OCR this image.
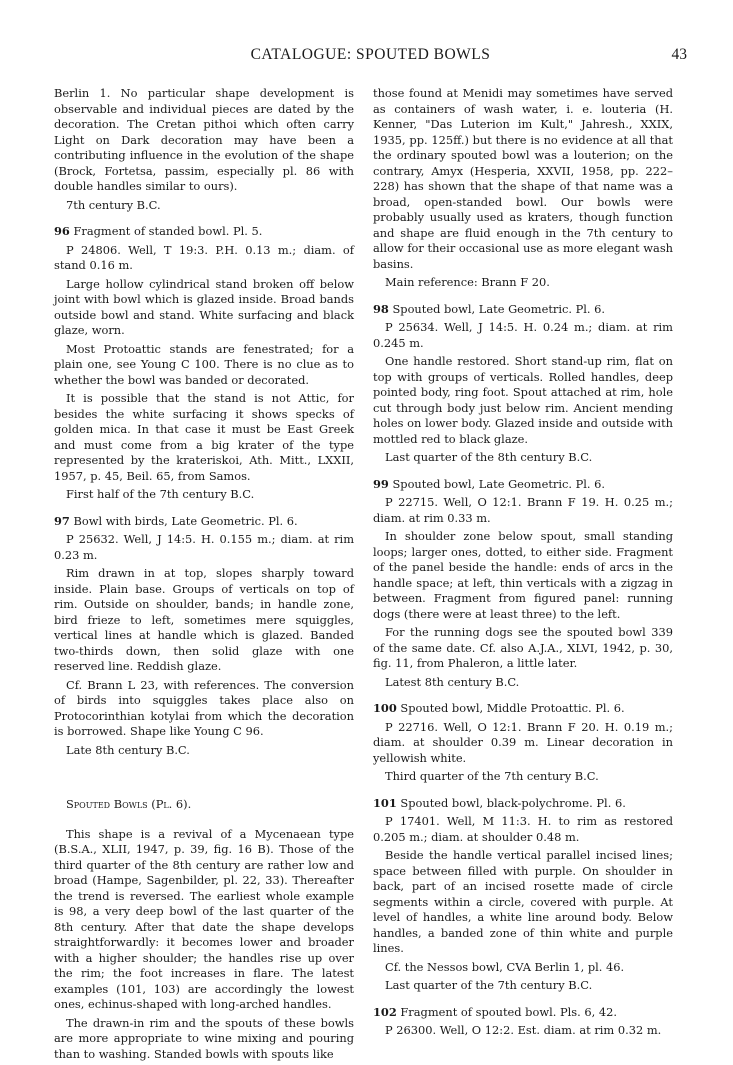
CATALOGUE: SPOUTED BOWLS	43

Berlin 1. No particular shape development is observable and individual pieces are dated by the decoration. The Cretan pithoi which often carry Light on Dark decoration may have been a contributing influence in the evolution of the shape (Brock, Fortetsa, passim, especially pl. 86 with double handles similar to ours).

7th century B.C.

96 Fragment of standed bowl. Pl. 5.

P 24806. Well, T 19:3. P.H. 0.13 m.; diam. of stand 0.16 m.

Large hollow cylindrical stand broken off below joint with bowl which is glazed inside. Broad bands outside bowl and stand. White surfacing and black glaze, worn.

Most Protoattic stands are fenestrated; for a plain one, see Young C 100. There is no clue as to whether the bowl was banded or decorated.

It is possible that the stand is not Attic, for besides the white surfacing it shows specks of golden mica. In that case it must be East Greek and must come from a big krater of the type represented by the krateriskoi, Ath. Mitt., LXXII, 1957, p. 45, Beil. 65, from Samos.

First half of the 7th century B.C.

97 Bowl with birds, Late Geometric. Pl. 6.

P 25632. Well, J 14:5. H. 0.155 m.; diam. at rim 0.23 m.

Rim drawn in at top, slopes sharply toward inside. Plain base. Groups of verticals on top of rim. Outside on shoulder, bands; in handle zone, bird frieze to left, sometimes mere squiggles, vertical lines at handle which is glazed. Banded two-thirds down, then solid glaze with one reserved line. Reddish glaze.

Cf. Brann L 23, with references. The conversion of birds into squiggles takes place also on Protocorinthian kotylai from which the decoration is borrowed. Shape like Young C 96.

Late 8th century B.C.

Spouted Bowls (Pl. 6).

This shape is a revival of a Mycenaean type (B.S.A., XLII, 1947, p. 39, fig. 16 B). Those of the third quarter of the 8th century are rather low and broad (Hampe, Sagenbilder, pl. 22, 33). Thereafter the trend is reversed. The earliest whole example is 98, a very deep bowl of the last quarter of the 8th century. After that date the shape develops straightforwardly: it becomes lower and broader with a higher shoulder; the handles rise up over the rim; the foot increases in flare. The latest examples (101, 103) are accordingly the lowest ones, echinus-shaped with long-arched handles.

The drawn-in rim and the spouts of these bowls are more appropriate to wine mixing and pouring than to washing. Standed bowls with spouts like

those found at Menidi may sometimes have served as containers of wash water, i. e. louteria (H. Kenner, "Das Luterion im Kult," Jahresh., XXIX, 1935, pp. 125ff.) but there is no evidence at all that the ordinary spouted bowl was a louterion; on the contrary, Amyx (Hesperia, XXVII, 1958, pp. 222–228) has shown that the shape of that name was a broad, open-standed bowl. Our bowls were probably usually used as kraters, though function and shape are fluid enough in the 7th century to allow for their occasional use as more elegant wash basins.

Main reference: Brann F 20.

98 Spouted bowl, Late Geometric. Pl. 6.

P 25634. Well, J 14:5. H. 0.24 m.; diam. at rim 0.245 m.

One handle restored. Short stand-up rim, flat on top with groups of verticals. Rolled handles, deep pointed body, ring foot. Spout attached at rim, hole cut through body just below rim. Ancient mending holes on lower body. Glazed inside and outside with mottled red to black glaze.

Last quarter of the 8th century B.C.

99 Spouted bowl, Late Geometric. Pl. 6.

P 22715. Well, O 12:1. Brann F 19. H. 0.25 m.; diam. at rim 0.33 m.

In shoulder zone below spout, small standing loops; larger ones, dotted, to either side. Fragment of the panel beside the handle: ends of arcs in the handle space; at left, thin verticals with a zigzag in between. Fragment from figured panel: running dogs (there were at least three) to the left.

For the running dogs see the spouted bowl 339 of the same date. Cf. also A.J.A., XLVI, 1942, p. 30, fig. 11, from Phaleron, a little later.

Latest 8th century B.C.

100 Spouted bowl, Middle Protoattic. Pl. 6.

P 22716. Well, O 12:1. Brann F 20. H. 0.19 m.; diam. at shoulder 0.39 m. Linear decoration in yellowish white.

Third quarter of the 7th century B.C.

101 Spouted bowl, black-polychrome. Pl. 6.

P 17401. Well, M 11:3. H. to rim as restored 0.205 m.; diam. at shoulder 0.48 m.

Beside the handle vertical parallel incised lines; space between filled with purple. On shoulder in back, part of an incised rosette made of circle segments within a circle, covered with purple. At level of handles, a white line around body. Below handles, a banded zone of thin white and purple lines.

Cf. the Nessos bowl, CVA Berlin 1, pl. 46.

Last quarter of the 7th century B.C.

102 Fragment of spouted bowl. Pls. 6, 42.

P 26300. Well, O 12:2. Est. diam. at rim 0.32 m.
